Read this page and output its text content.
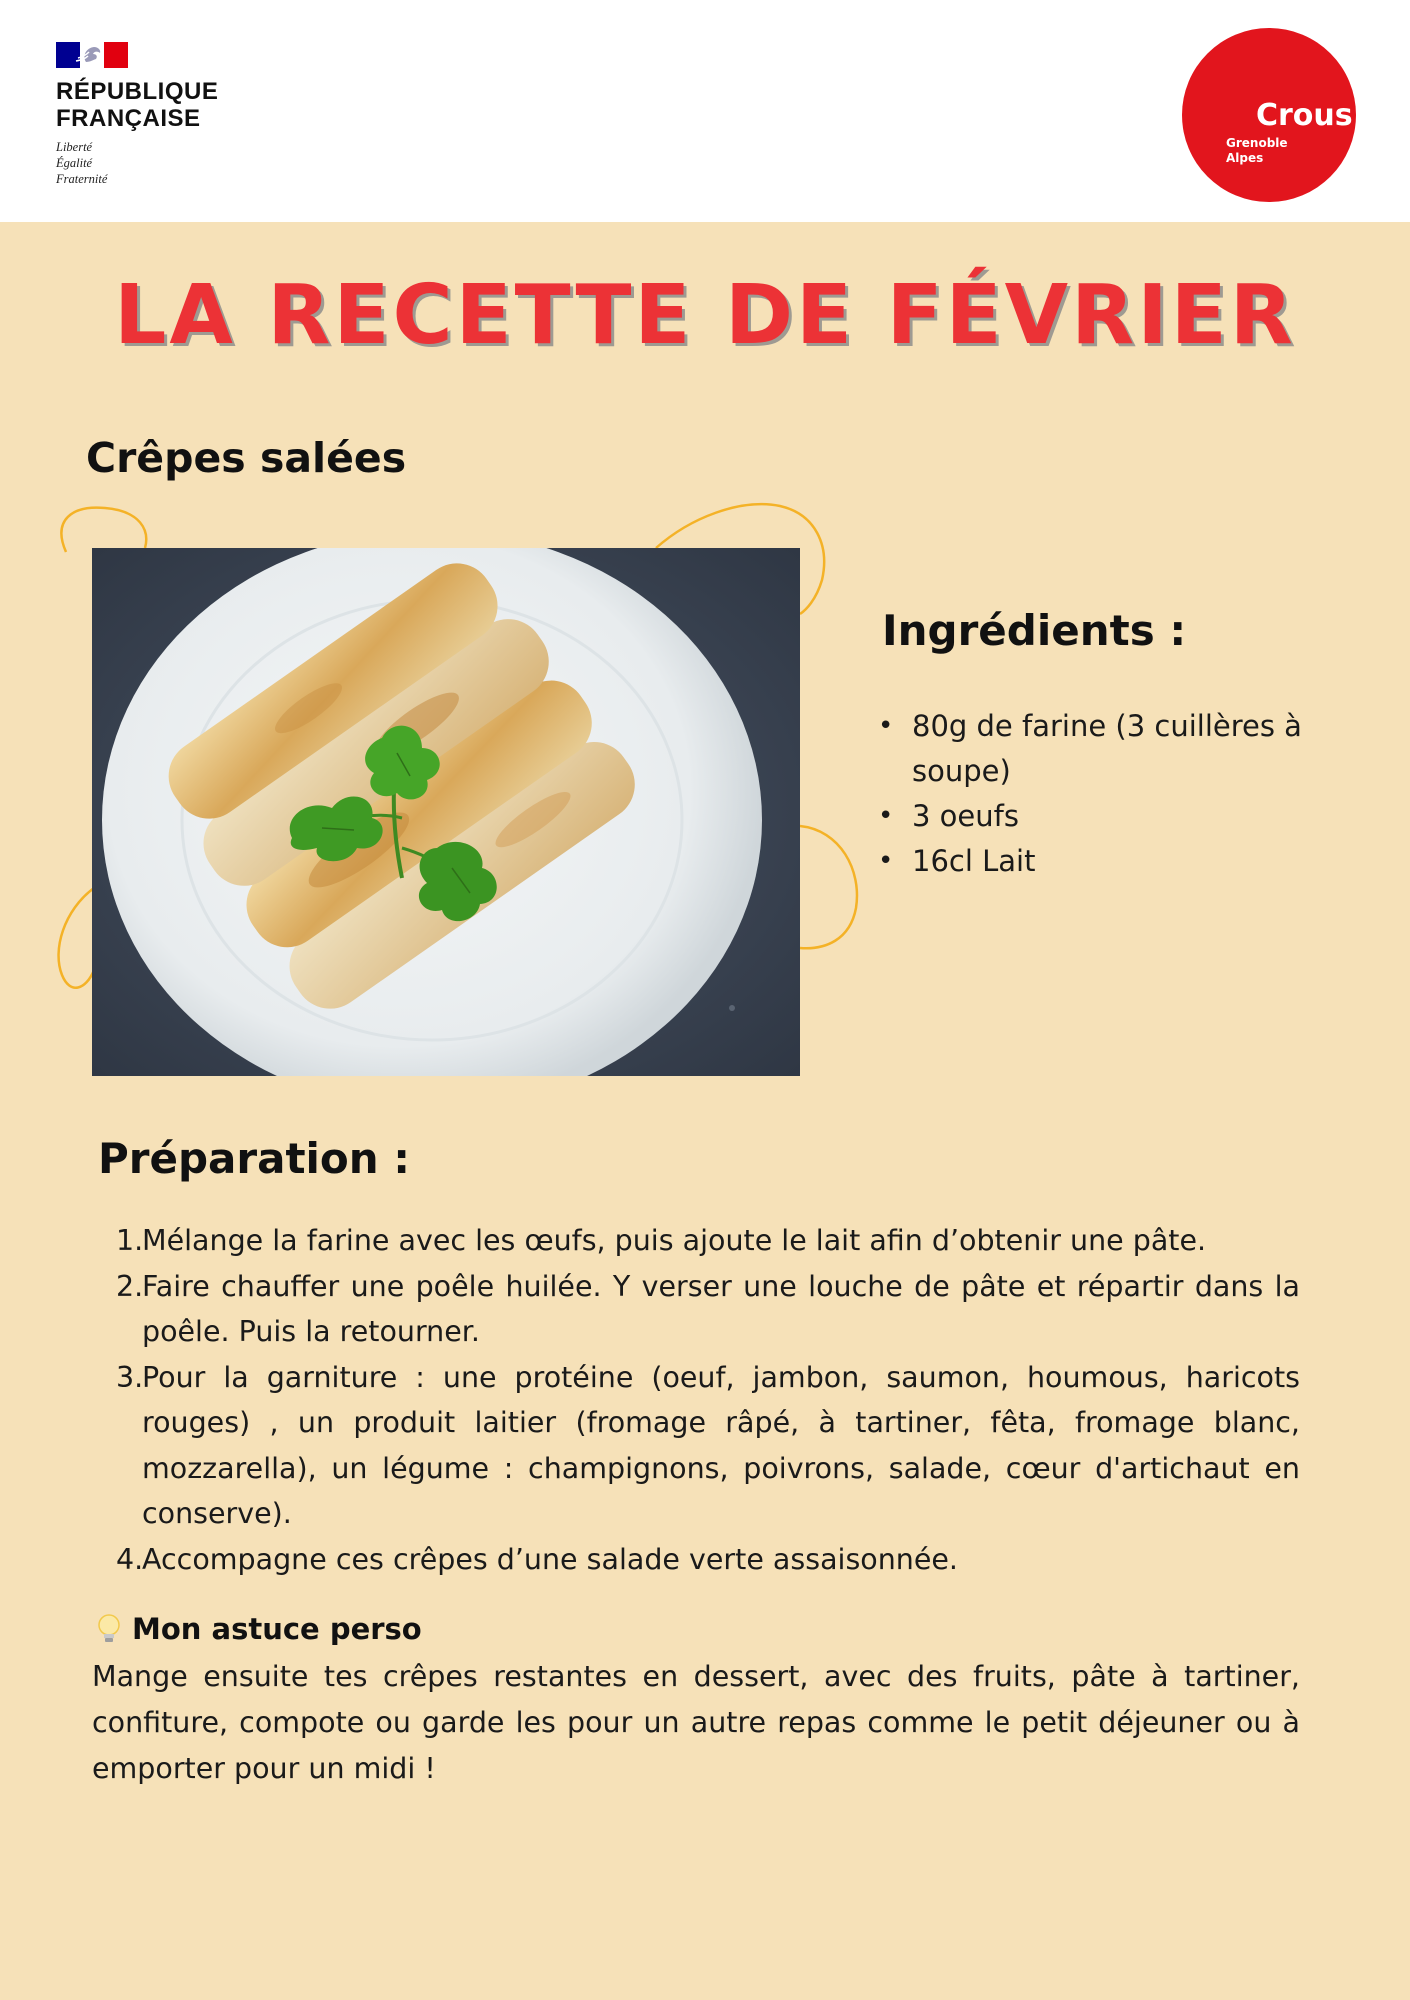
RÉPUBLIQUE
FRANÇAISE
Liberté
Égalité
Fraternité
Crous
Grenoble
Alpes
LA RECETTE DE FÉVRIER
Crêpes salées
Ingrédients :
• 80g de farine (3 cuillères à soupe)
• 3 oeufs
• 16cl Lait
Préparation :
1.
Mélange la farine avec les œufs, puis ajoute le lait afin d’obtenir une pâte.
2.
Faire chauffer une poêle huilée. Y verser une louche de pâte et répartir dans la poêle. Puis la retourner.
3.
Pour la garniture : une protéine (oeuf, jambon, saumon, houmous, haricots rouges) , un produit laitier (fromage râpé, à tartiner, fêta, fromage blanc, mozzarella), un légume : champignons, poivrons, salade, cœur d'artichaut en conserve).
4.
Accompagne ces crêpes d’une salade verte assaisonnée.
Mon astuce perso
Mange ensuite tes crêpes restantes en dessert, avec des fruits, pâte à tartiner, confiture, compote ou garde les pour un autre repas comme le petit déjeuner ou à emporter pour un midi !
